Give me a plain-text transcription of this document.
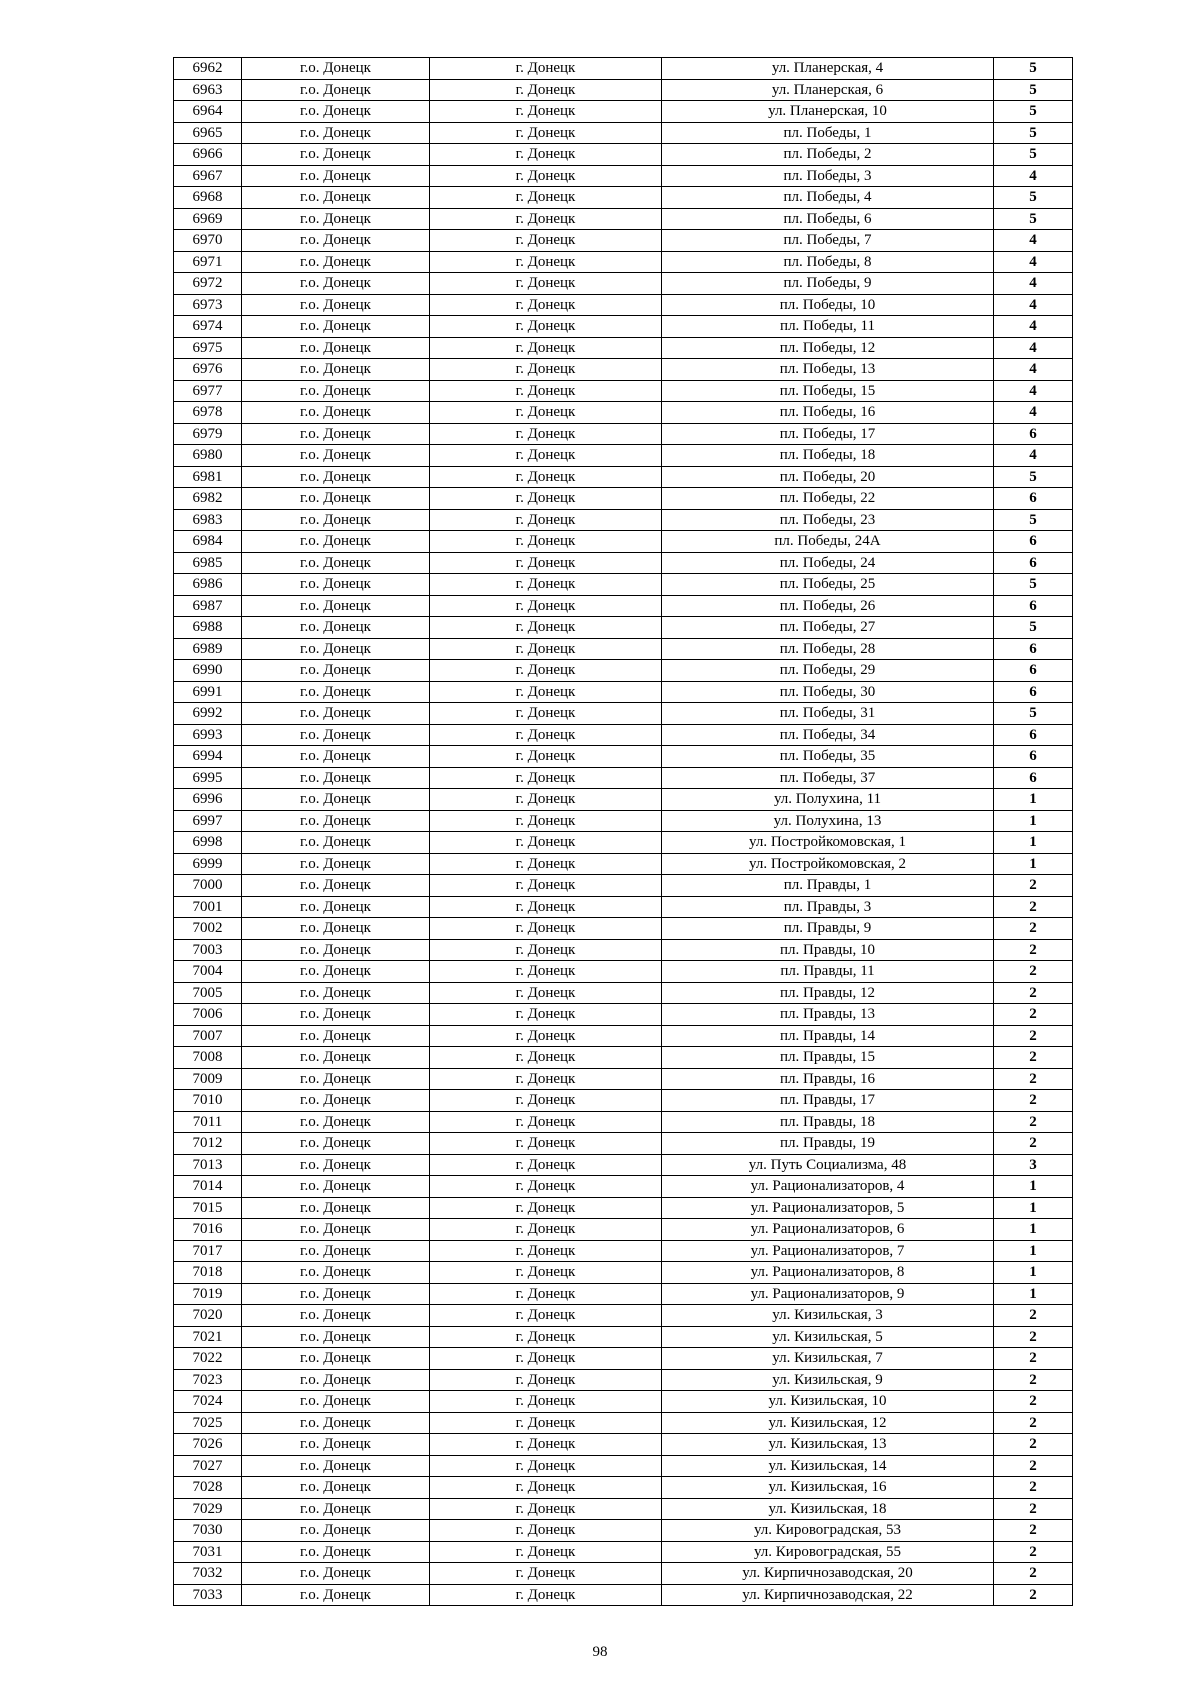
6962	г.о. Донецк	г. Донецк	ул. Планерская, 4	5
6963	г.о. Донецк	г. Донецк	ул. Планерская, 6	5
6964	г.о. Донецк	г. Донецк	ул. Планерская, 10	5
6965	г.о. Донецк	г. Донецк	пл. Победы, 1	5
6966	г.о. Донецк	г. Донецк	пл. Победы, 2	5
6967	г.о. Донецк	г. Донецк	пл. Победы, 3	4
6968	г.о. Донецк	г. Донецк	пл. Победы, 4	5
6969	г.о. Донецк	г. Донецк	пл. Победы, 6	5
6970	г.о. Донецк	г. Донецк	пл. Победы, 7	4
6971	г.о. Донецк	г. Донецк	пл. Победы, 8	4
6972	г.о. Донецк	г. Донецк	пл. Победы, 9	4
6973	г.о. Донецк	г. Донецк	пл. Победы, 10	4
6974	г.о. Донецк	г. Донецк	пл. Победы, 11	4
6975	г.о. Донецк	г. Донецк	пл. Победы, 12	4
6976	г.о. Донецк	г. Донецк	пл. Победы, 13	4
6977	г.о. Донецк	г. Донецк	пл. Победы, 15	4
6978	г.о. Донецк	г. Донецк	пл. Победы, 16	4
6979	г.о. Донецк	г. Донецк	пл. Победы, 17	6
6980	г.о. Донецк	г. Донецк	пл. Победы, 18	4
6981	г.о. Донецк	г. Донецк	пл. Победы, 20	5
6982	г.о. Донецк	г. Донецк	пл. Победы, 22	6
6983	г.о. Донецк	г. Донецк	пл. Победы, 23	5
6984	г.о. Донецк	г. Донецк	пл. Победы, 24А	6
6985	г.о. Донецк	г. Донецк	пл. Победы, 24	6
6986	г.о. Донецк	г. Донецк	пл. Победы, 25	5
6987	г.о. Донецк	г. Донецк	пл. Победы, 26	6
6988	г.о. Донецк	г. Донецк	пл. Победы, 27	5
6989	г.о. Донецк	г. Донецк	пл. Победы, 28	6
6990	г.о. Донецк	г. Донецк	пл. Победы, 29	6
6991	г.о. Донецк	г. Донецк	пл. Победы, 30	6
6992	г.о. Донецк	г. Донецк	пл. Победы, 31	5
6993	г.о. Донецк	г. Донецк	пл. Победы, 34	6
6994	г.о. Донецк	г. Донецк	пл. Победы, 35	6
6995	г.о. Донецк	г. Донецк	пл. Победы, 37	6
6996	г.о. Донецк	г. Донецк	ул. Полухина, 11	1
6997	г.о. Донецк	г. Донецк	ул. Полухина, 13	1
6998	г.о. Донецк	г. Донецк	ул. Постройкомовская, 1	1
6999	г.о. Донецк	г. Донецк	ул. Постройкомовская, 2	1
7000	г.о. Донецк	г. Донецк	пл. Правды, 1	2
7001	г.о. Донецк	г. Донецк	пл. Правды, 3	2
7002	г.о. Донецк	г. Донецк	пл. Правды, 9	2
7003	г.о. Донецк	г. Донецк	пл. Правды, 10	2
7004	г.о. Донецк	г. Донецк	пл. Правды, 11	2
7005	г.о. Донецк	г. Донецк	пл. Правды, 12	2
7006	г.о. Донецк	г. Донецк	пл. Правды, 13	2
7007	г.о. Донецк	г. Донецк	пл. Правды, 14	2
7008	г.о. Донецк	г. Донецк	пл. Правды, 15	2
7009	г.о. Донецк	г. Донецк	пл. Правды, 16	2
7010	г.о. Донецк	г. Донецк	пл. Правды, 17	2
7011	г.о. Донецк	г. Донецк	пл. Правды, 18	2
7012	г.о. Донецк	г. Донецк	пл. Правды, 19	2
7013	г.о. Донецк	г. Донецк	ул. Путь Социализма, 48	3
7014	г.о. Донецк	г. Донецк	ул. Рационализаторов, 4	1
7015	г.о. Донецк	г. Донецк	ул. Рационализаторов, 5	1
7016	г.о. Донецк	г. Донецк	ул. Рационализаторов, 6	1
7017	г.о. Донецк	г. Донецк	ул. Рационализаторов, 7	1
7018	г.о. Донецк	г. Донецк	ул. Рационализаторов, 8	1
7019	г.о. Донецк	г. Донецк	ул. Рационализаторов, 9	1
7020	г.о. Донецк	г. Донецк	ул. Кизильская, 3	2
7021	г.о. Донецк	г. Донецк	ул. Кизильская, 5	2
7022	г.о. Донецк	г. Донецк	ул. Кизильская, 7	2
7023	г.о. Донецк	г. Донецк	ул. Кизильская, 9	2
7024	г.о. Донецк	г. Донецк	ул. Кизильская, 10	2
7025	г.о. Донецк	г. Донецк	ул. Кизильская, 12	2
7026	г.о. Донецк	г. Донецк	ул. Кизильская, 13	2
7027	г.о. Донецк	г. Донецк	ул. Кизильская, 14	2
7028	г.о. Донецк	г. Донецк	ул. Кизильская, 16	2
7029	г.о. Донецк	г. Донецк	ул. Кизильская, 18	2
7030	г.о. Донецк	г. Донецк	ул. Кировоградская, 53	2
7031	г.о. Донецк	г. Донецк	ул. Кировоградская, 55	2
7032	г.о. Донецк	г. Донецк	ул. Кирпичнозаводская, 20	2
7033	г.о. Донецк	г. Донецк	ул. Кирпичнозаводская, 22	2
98
